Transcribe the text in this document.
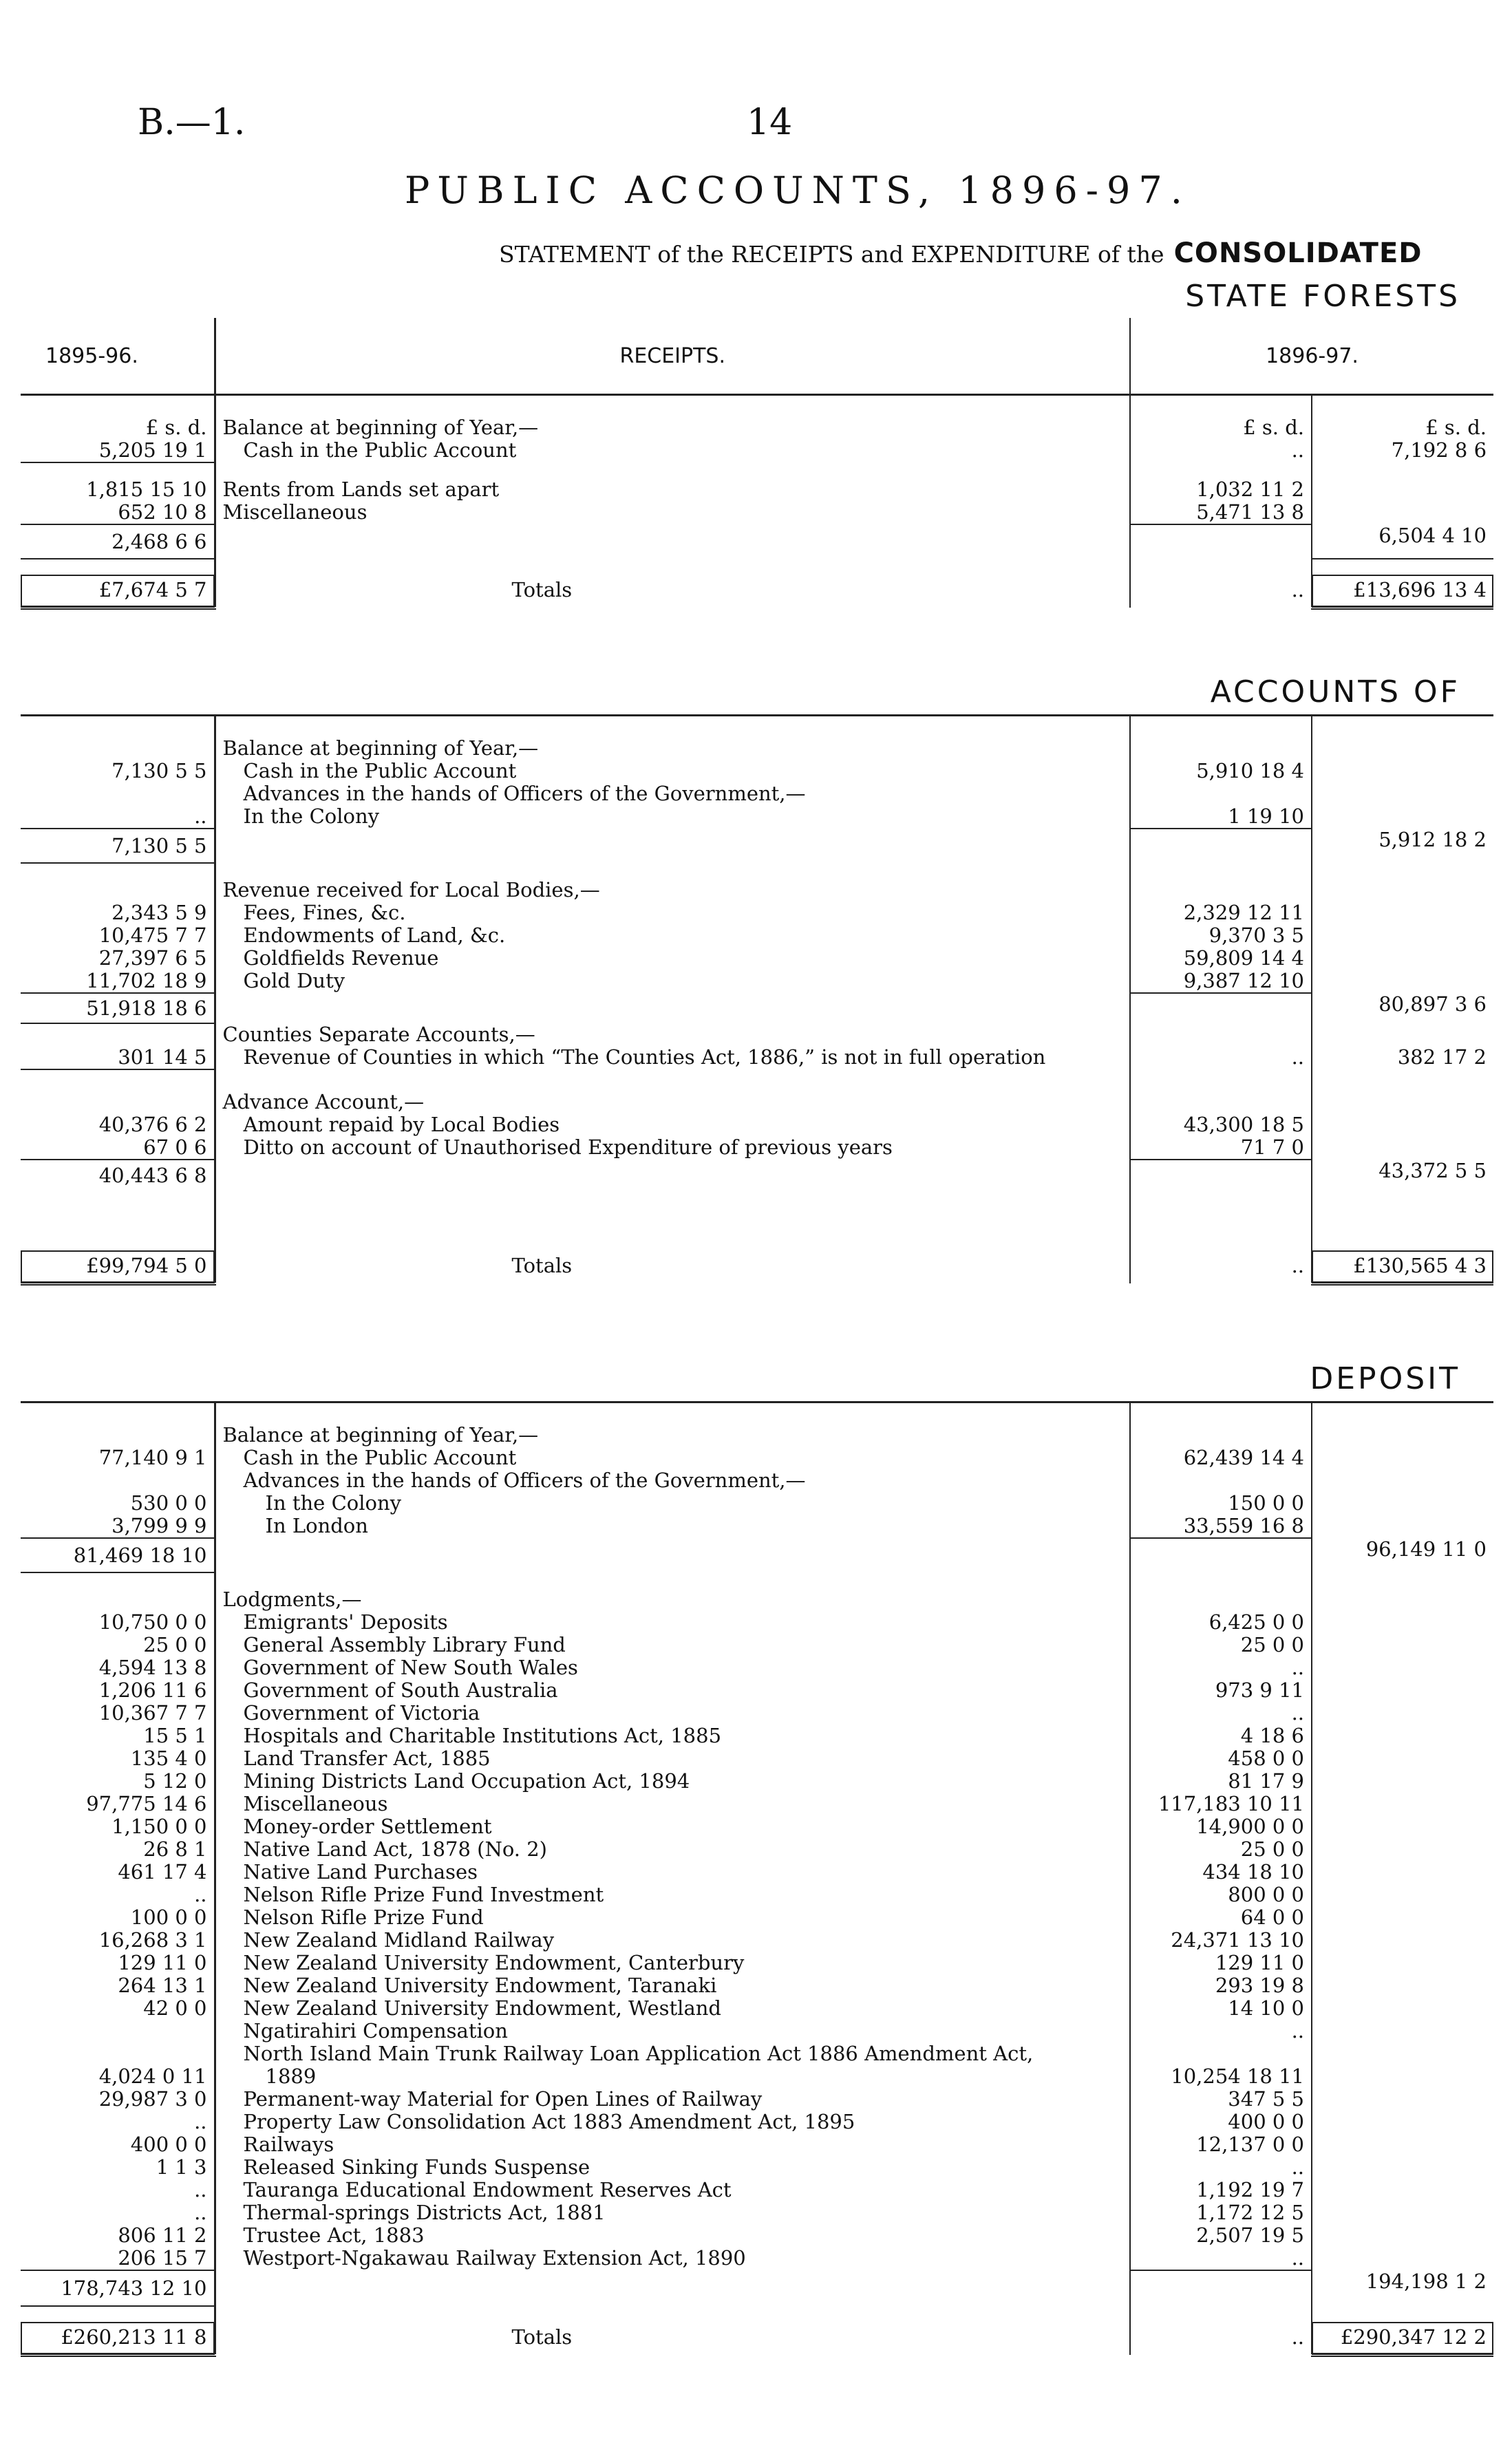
B.—1.	14
PUBLIC ACCOUNTS, 1896-97.
STATEMENT of the RECEIPTS and EXPENDITURE of the CONSOLIDATED
STATE FORESTS
1895-96.	RECEIPTS.	1896-97.	

£ s. d.	Balance at beginning of Year,—	£ s. d.	£ s. d.
5,205 19 1	Cash in the Public Account	..	7,192 8 6

1,815 15 10	Rents from Lands set apart	1,032 11 2	
652 10 8	Miscellaneous	5,471 13 8	
2,468 6 6			6,504 4 10

£7,674 5 7	Totals	..	£13,696 13 4
ACCOUNTS OF

	Balance at beginning of Year,—		
7,130 5 5	Cash in the Public Account	5,910 18 4	
	Advances in the hands of Officers of the Government,—		
..	In the Colony	1 19 10	
7,130 5 5			5,912 18 2

	Revenue received for Local Bodies,—		
2,343 5 9	Fees, Fines, &c.	2,329 12 11	
10,475 7 7	Endowments of Land, &c.	9,370 3 5	
27,397 6 5	Goldfields Revenue	59,809 14 4	
11,702 18 9	Gold Duty	9,387 12 10	
51,918 18 6			80,897 3 6
	Counties Separate Accounts,—		
301 14 5	Revenue of Counties in which “The Counties Act, 1886,” is not in full operation	..	382 17 2

	Advance Account,—		
40,376 6 2	Amount repaid by Local Bodies	43,300 18 5	
67 0 6	Ditto on account of Unauthorised Expenditure of previous years	71 7 0	
40,443 6 8			43,372 5 5

£99,794 5 0	Totals	..	£130,565 4 3
DEPOSIT

	Balance at beginning of Year,—		
77,140 9 1	Cash in the Public Account	62,439 14 4	
	Advances in the hands of Officers of the Government,—		
530 0 0	In the Colony	150 0 0	
3,799 9 9	In London	33,559 16 8	
81,469 18 10			96,149 11 0

	Lodgments,—		
10,750 0 0	Emigrants' Deposits	6,425 0 0	
25 0 0	General Assembly Library Fund	25 0 0	
4,594 13 8	Government of New South Wales	..	
1,206 11 6	Government of South Australia	973 9 11	
10,367 7 7	Government of Victoria	..	
15 5 1	Hospitals and Charitable Institutions Act, 1885	4 18 6	
135 4 0	Land Transfer Act, 1885	458 0 0	
5 12 0	Mining Districts Land Occupation Act, 1894	81 17 9	
97,775 14 6	Miscellaneous	117,183 10 11	
1,150 0 0	Money-order Settlement	14,900 0 0	
26 8 1	Native Land Act, 1878 (No. 2)	25 0 0	
461 17 4	Native Land Purchases	434 18 10	
..	Nelson Rifle Prize Fund Investment	800 0 0	
100 0 0	Nelson Rifle Prize Fund	64 0 0	
16,268 3 1	New Zealand Midland Railway	24,371 13 10	
129 11 0	New Zealand University Endowment, Canterbury	129 11 0	
264 13 1	New Zealand University Endowment, Taranaki	293 19 8	
42 0 0	New Zealand University Endowment, Westland	14 10 0	
	Ngatirahiri Compensation	..	
	North Island Main Trunk Railway Loan Application Act 1886 Amendment Act,		
4,024 0 11	1889	10,254 18 11	
29,987 3 0	Permanent-way Material for Open Lines of Railway	347 5 5	
..	Property Law Consolidation Act 1883 Amendment Act, 1895	400 0 0	
400 0 0	Railways	12,137 0 0	
1 1 3	Released Sinking Funds Suspense	..	
..	Tauranga Educational Endowment Reserves Act	1,192 19 7	
..	Thermal-springs Districts Act, 1881	1,172 12 5	
806 11 2	Trustee Act, 1883	2,507 19 5	
206 15 7	Westport-Ngakawau Railway Extension Act, 1890	..	
178,743 12 10			194,198 1 2

£260,213 11 8	Totals	..	£290,347 12 2
